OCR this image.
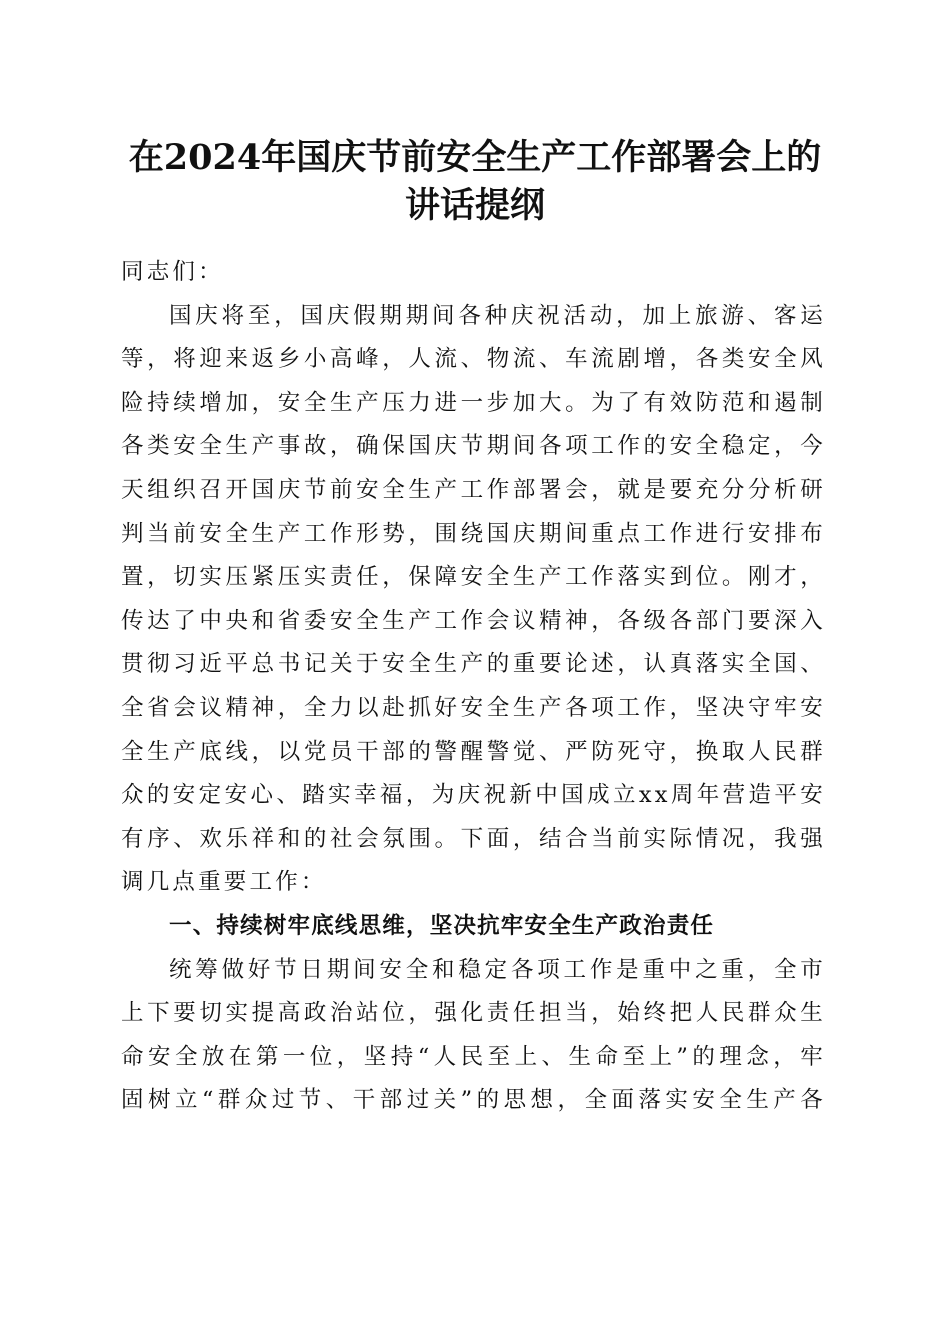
在2024年国庆节前安全生产工作部署会上的
讲话提纲
同志们：
国庆将至，国庆假期期间各种庆祝活动，加上旅游、客运
等，将迎来返乡小高峰，人流、物流、车流剧增，各类安全风
险持续增加，安全生产压力进一步加大。为了有效防范和遏制
各类安全生产事故，确保国庆节期间各项工作的安全稳定，今
天组织召开国庆节前安全生产工作部署会，就是要充分分析研
判当前安全生产工作形势，围绕国庆期间重点工作进行安排布
置，切实压紧压实责任，保障安全生产工作落实到位。刚才，
传达了中央和省委安全生产工作会议精神，各级各部门要深入
贯彻习近平总书记关于安全生产的重要论述，认真落实全国、
全省会议精神，全力以赴抓好安全生产各项工作，坚决守牢安
全生产底线，以党员干部的警醒警觉、严防死守，换取人民群
众的安定安心、踏实幸福，为庆祝新中国成立xx周年营造平安
有序、欢乐祥和的社会氛围。下面，结合当前实际情况，我强
调几点重要工作：
一、持续树牢底线思维，坚决抗牢安全生产政治责任
统筹做好节日期间安全和稳定各项工作是重中之重，全市
上下要切实提高政治站位，强化责任担当，始终把人民群众生
命安全放在第一位，坚持“人民至上、生命至上”的理念，牢
固树立“群众过节、干部过关”的思想，全面落实安全生产各
